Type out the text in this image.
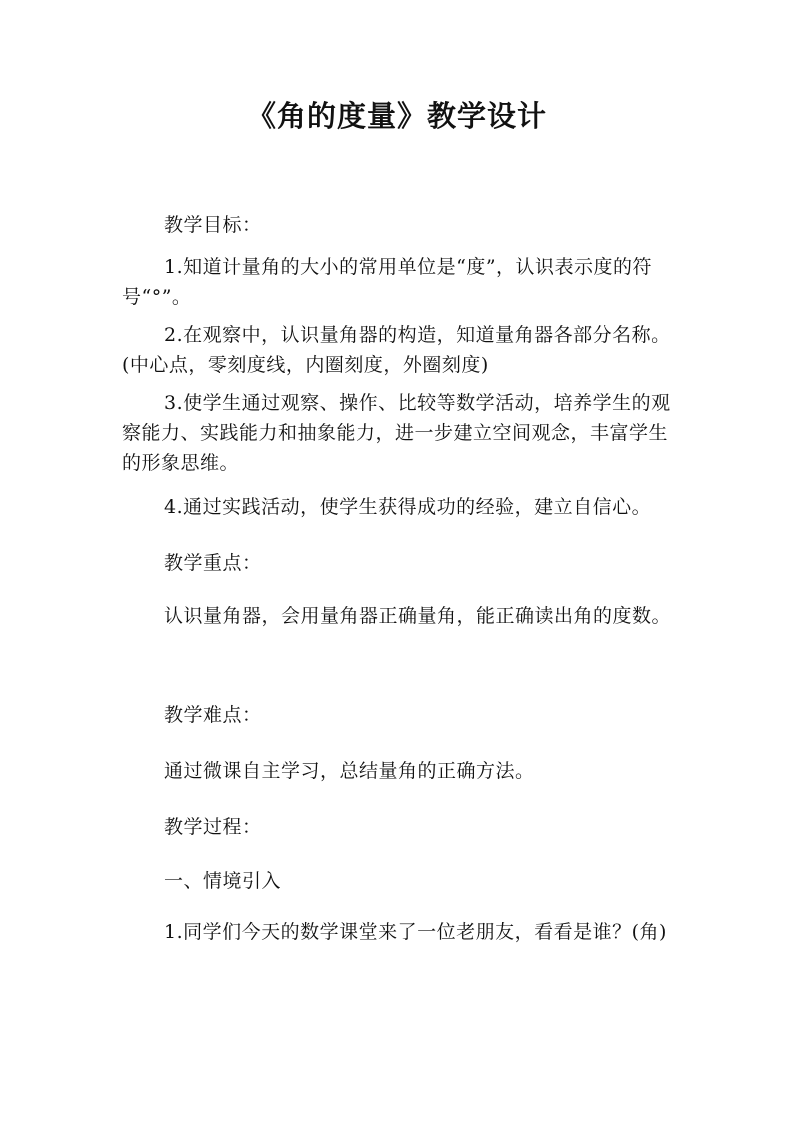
《角的度量》教学设计
教学目标：
1.知道计量角的大小的常用单位是“度”，认识表示度的符号“°”。
2.在观察中，认识量角器的构造，知道量角器各部分名称。(中心点，零刻度线，内圈刻度，外圈刻度)
3.使学生通过观察、操作、比较等数学活动，培养学生的观察能力、实践能力和抽象能力，进一步建立空间观念，丰富学生的形象思维。
4.通过实践活动，使学生获得成功的经验，建立自信心。
教学重点：
认识量角器，会用量角器正确量角，能正确读出角的度数。
教学难点：
通过微课自主学习，总结量角的正确方法。
教学过程：
一、情境引入
1.同学们今天的数学课堂来了一位老朋友，看看是谁？(角)
